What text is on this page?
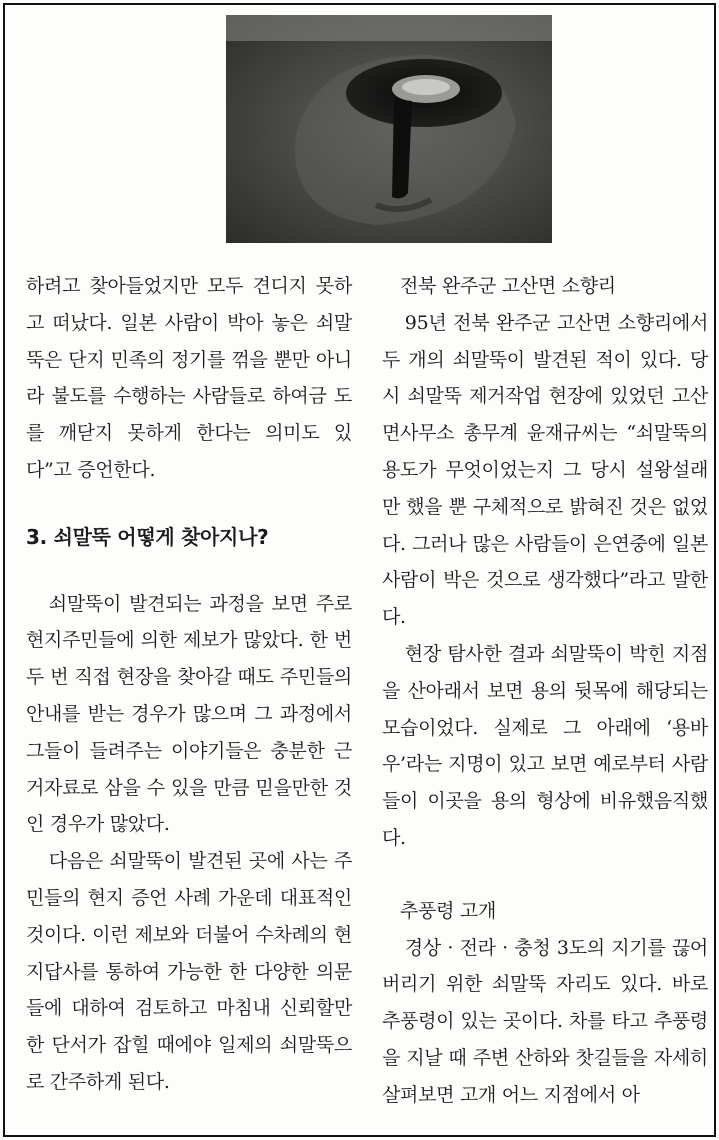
하려고 찾아들었지만 모두 견디지 못하고 떠났다. 일본 사람이 박아 놓은 쇠말뚝은 단지 민족의 정기를 꺾을 뿐만 아니라 불도를 수행하는 사람들로 하여금 도를 깨닫지 못하게 한다는 의미도 있다”고 증언한다.

3. 쇠말뚝 어떻게 찾아지나?

쇠말뚝이 발견되는 과정을 보면 주로 현지주민들에 의한 제보가 많았다. 한 번 두 번 직접 현장을 찾아갈 때도 주민들의 안내를 받는 경우가 많으며 그 과정에서 그들이 들려주는 이야기들은 충분한 근거자료로 삼을 수 있을 만큼 믿을만한 것인 경우가 많았다.

다음은 쇠말뚝이 발견된 곳에 사는 주민들의 현지 증언 사례 가운데 대표적인 것이다. 이런 제보와 더불어 수차례의 현지답사를 통하여 가능한 한 다양한 의문들에 대하여 검토하고 마침내 신뢰할만한 단서가 잡힐 때에야 일제의 쇠말뚝으로 간주하게 된다.

전북 완주군 고산면 소향리

95년 전북 완주군 고산면 소향리에서 두 개의 쇠말뚝이 발견된 적이 있다. 당시 쇠말뚝 제거작업 현장에 있었던 고산면사무소 총무계 윤재규씨는 “쇠말뚝의 용도가 무엇이었는지 그 당시 설왕설래만 했을 뿐 구체적으로 밝혀진 것은 없었다. 그러나 많은 사람들이 은연중에 일본 사람이 박은 것으로 생각했다”라고 말한다.

현장 탐사한 결과 쇠말뚝이 박힌 지점을 산아래서 보면 용의 뒷목에 해당되는 모습이었다. 실제로 그 아래에 ‘용바우’라는 지명이 있고 보면 예로부터 사람들이 이곳을 용의 형상에 비유했음직했다.

추풍령 고개

경상 · 전라 · 충청 3도의 지기를 끊어버리기 위한 쇠말뚝 자리도 있다. 바로 추풍령이 있는 곳이다. 차를 타고 추풍령을 지날 때 주변 산하와 찻길들을 자세히 살펴보면 고개 어느 지점에서 아
